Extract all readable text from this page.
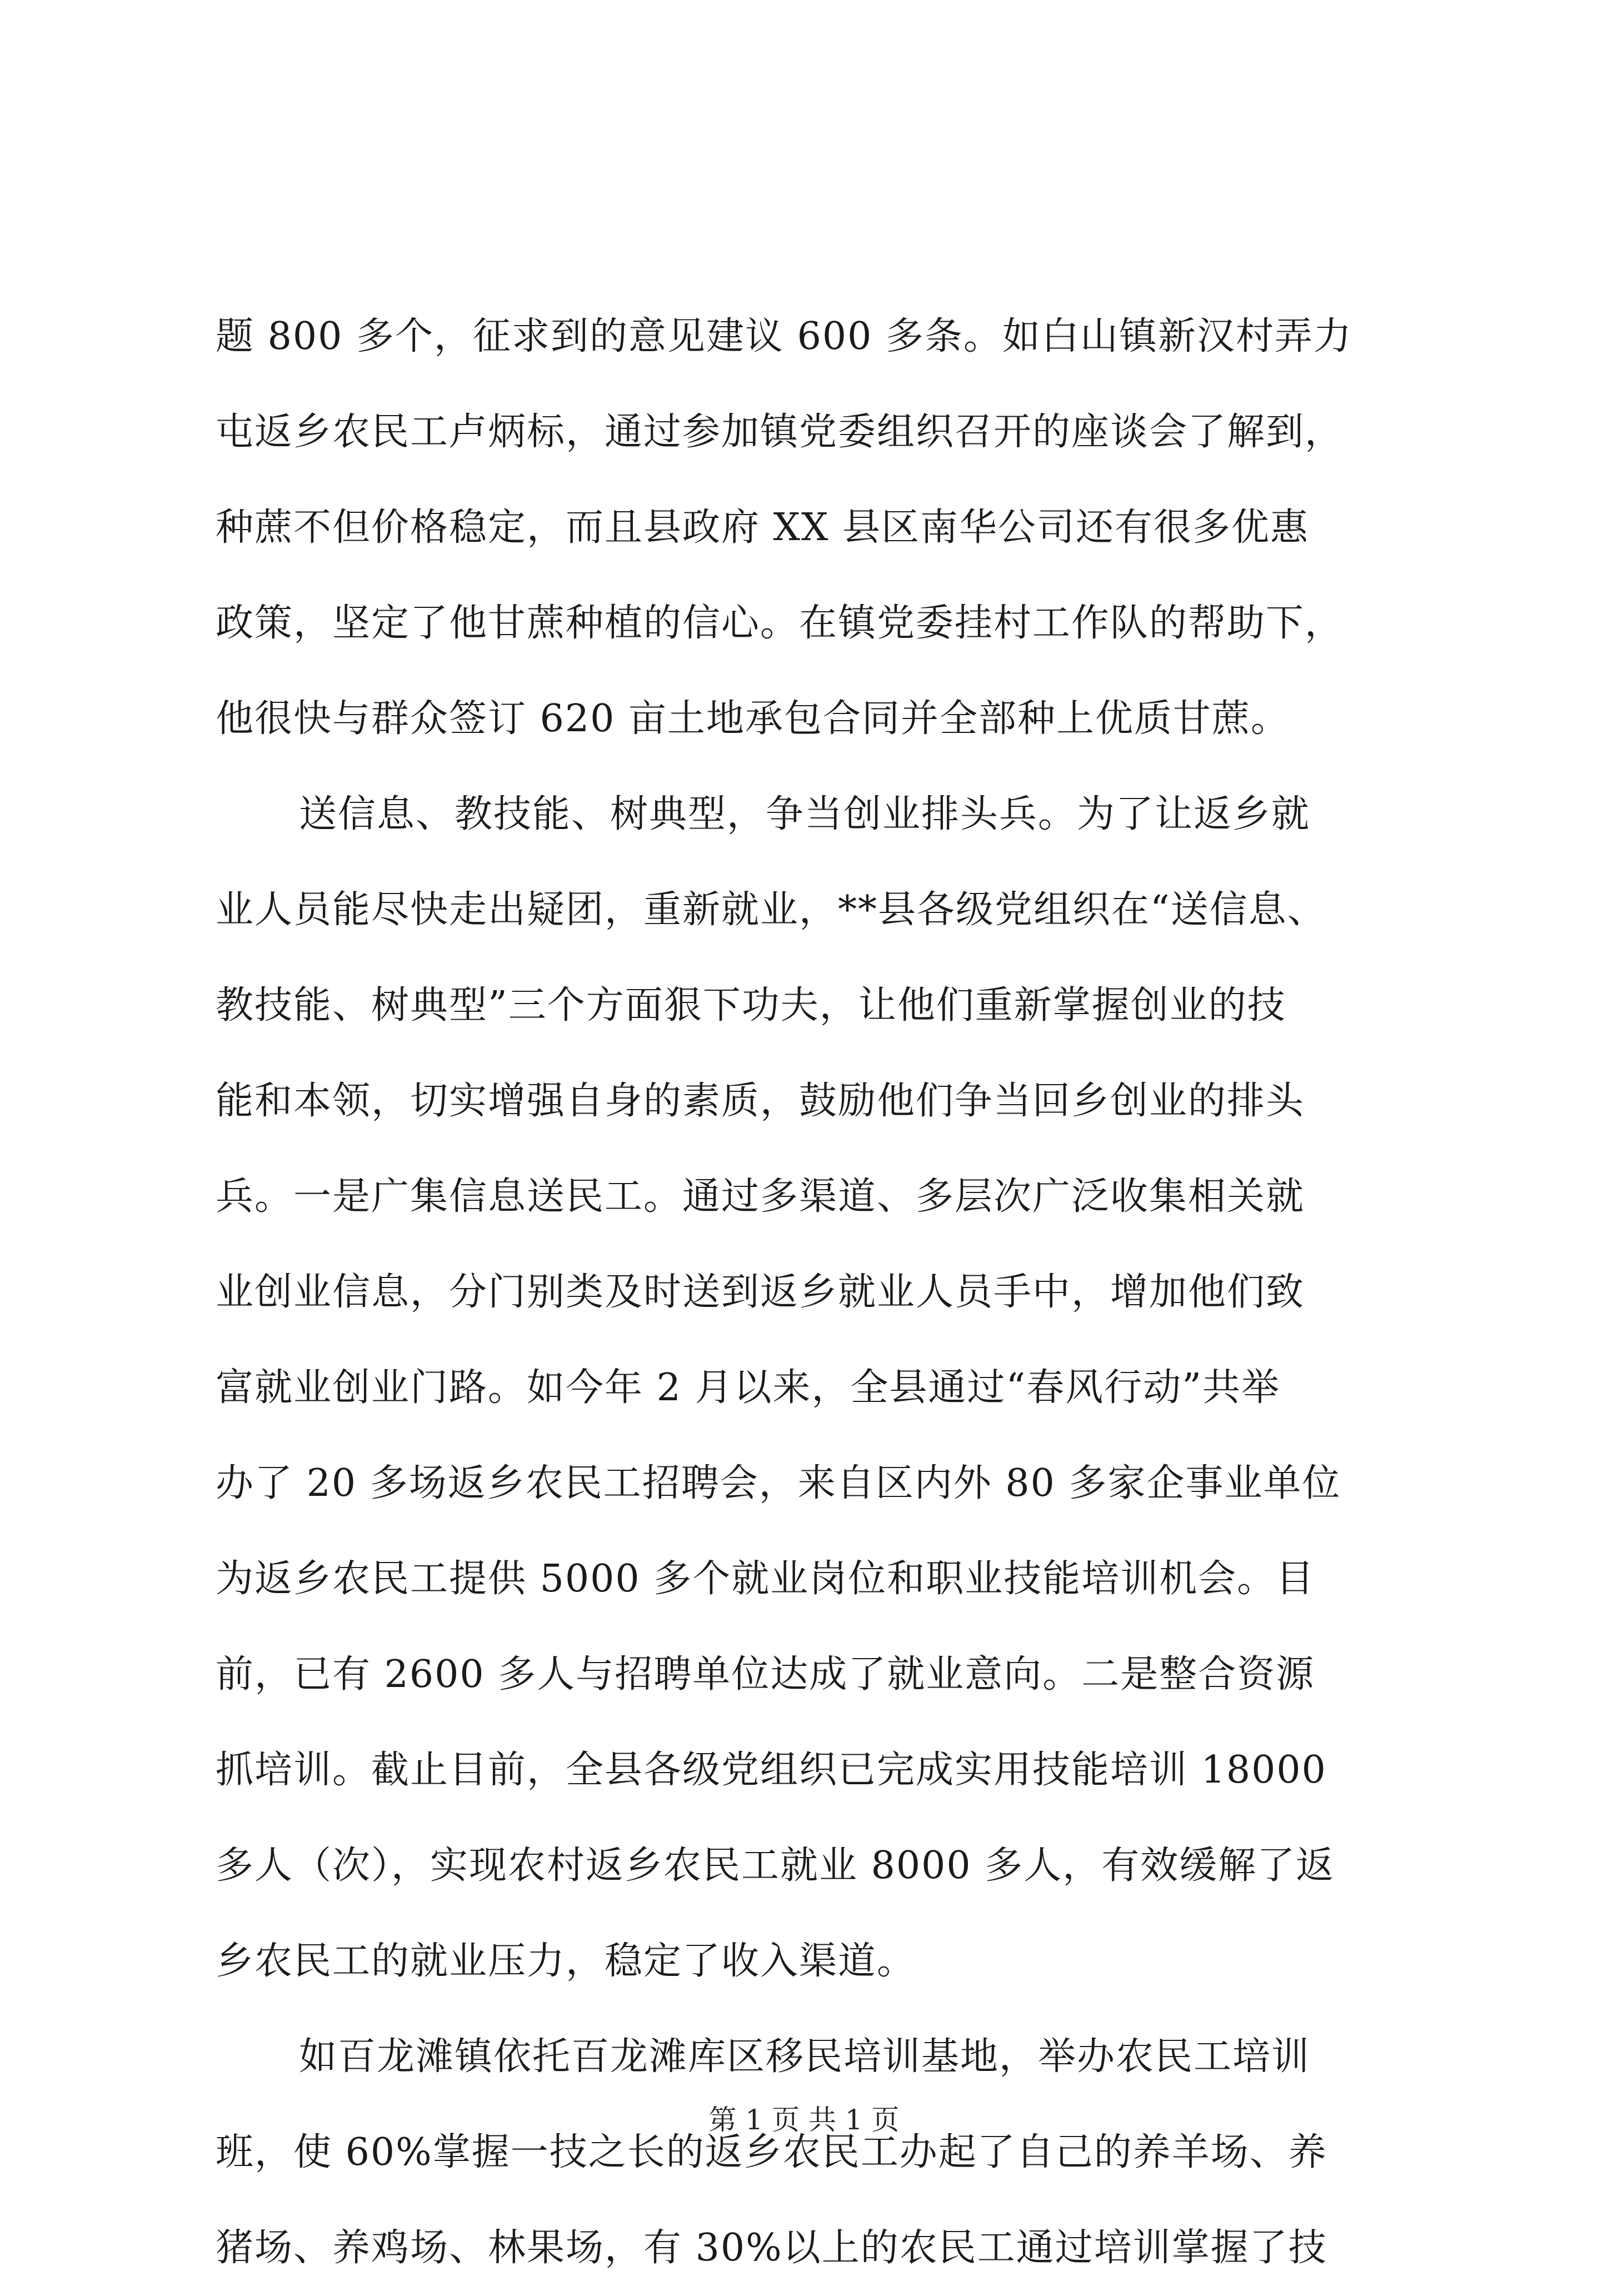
题 800 多个，征求到的意见建议 600 多条。如白山镇新汉村弄力
屯返乡农民工卢炳标，通过参加镇党委组织召开的座谈会了解到，
种蔗不但价格稳定，而且县政府 XX 县区南华公司还有很多优惠
政策，坚定了他甘蔗种植的信心。在镇党委挂村工作队的帮助下，
他很快与群众签订 620 亩土地承包合同并全部种上优质甘蔗。
送信息、教技能、树典型，争当创业排头兵。为了让返乡就
业人员能尽快走出疑团，重新就业，**县各级党组织在“送信息、
教技能、树典型”三个方面狠下功夫，让他们重新掌握创业的技
能和本领，切实增强自身的素质，鼓励他们争当回乡创业的排头
兵。一是广集信息送民工。通过多渠道、多层次广泛收集相关就
业创业信息，分门别类及时送到返乡就业人员手中，增加他们致
富就业创业门路。如今年 2 月以来，全县通过“春风行动”共举
办了 20 多场返乡农民工招聘会，来自区内外 80 多家企事业单位
为返乡农民工提供 5000 多个就业岗位和职业技能培训机会。目
前，已有 2600 多人与招聘单位达成了就业意向。二是整合资源
抓培训。截止目前，全县各级党组织已完成实用技能培训 18000
多人（次），实现农村返乡农民工就业 8000 多人，有效缓解了返
乡农民工的就业压力，稳定了收入渠道。
如百龙滩镇依托百龙滩库区移民培训基地，举办农民工培训
班，使 60%掌握一技之长的返乡农民工办起了自己的养羊场、养
猪场、养鸡场、林果场，有 30%以上的农民工通过培训掌握了技
第 1 页 共 1 页
